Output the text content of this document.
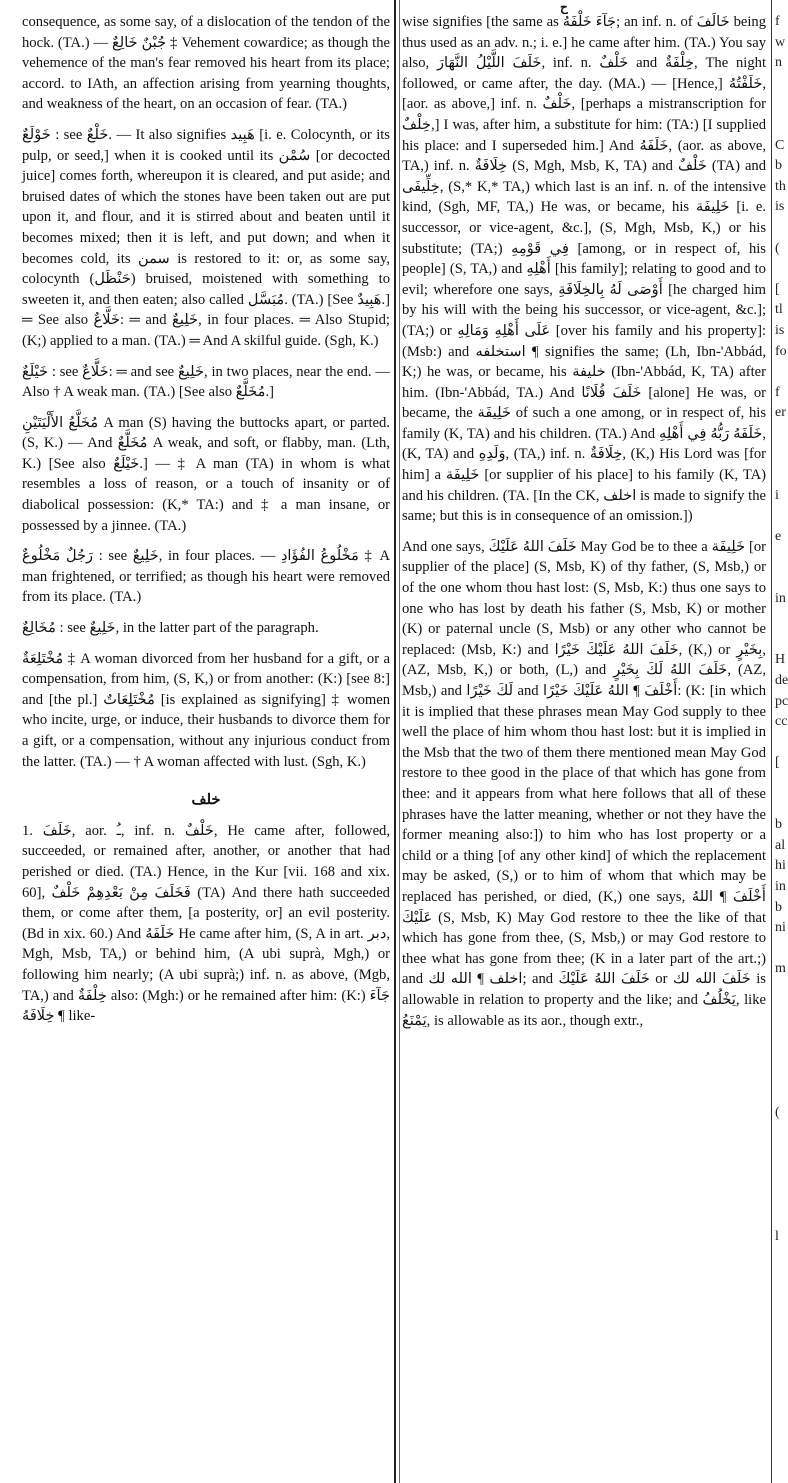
ح

consequence, as some say, of a dislocation of the tendon of the hock. (TA.) — جُبْنٌ خَالِعٌ ‡ Vehement cowardice; as though the vehemence of the man's fear removed his heart from its place; accord. to IAth, an affection arising from yearning thoughts, and weakness of the heart, on an occasion of fear. (TA.)

خَوْلَعٌ : see خَلْعٌ. — It also signifies هَبِيد [i. e. Colocynth, or its pulp, or seed,] when it is cooked until its سُمْن [or decocted juice] comes forth, whereupon it is cleared, and put aside; and bruised dates of which the stones have been taken out are put upon it, and flour, and it is stirred about and beaten until it becomes mixed; then it is left, and put down; and when it becomes cold, its سمن is restored to it: or, as some say, colocynth (حَنْظَل) bruised, moistened with something to sweeten it, and then eaten; also called مُبَسَّل. (TA.) [See هَبِيدٌ.] ═ See also خَلَّاعٌ: ═ and خَلِيعٌ, in four places. ═ Also Stupid; (K;) applied to a man. (TA.) ═ And A skilful guide. (Sgh, K.)

خَيْلَعٌ : see خَلَّاعٌ: ═ and see خَلِيعٌ, in two places, near the end. — Also † A weak man. (TA.) [See also مُخَلَّعٌ.]

مُخَلَّعُ الأَلْيَتَيْنِ A man (S) having the buttocks apart, or parted. (S, K.) — And مُخَلَّعٌ A weak, and soft, or flabby, man. (Lth, K.) [See also خَيْلَعٌ.] — ‡ A man (TA) in whom is what resembles a loss of reason, or a touch of insanity or of diabolical possession: (K,* TA:) and ‡ a man insane, or possessed by a jinnee. (TA.)

رَجُلٌ مَخْلُوعٌ : see خَلِيعٌ, in four places. — مَخْلُوعُ الفُؤَادِ ‡ A man frightened, or terrified; as though his heart were removed from its place. (TA.)

مُخَالِعٌ : see خَلِيعٌ, in the latter part of the paragraph.

مُخْتَلِعَةٌ ‡ A woman divorced from her husband for a gift, or a compensation, from him, (S, K,) or from another: (K:) [see 8:] and [the pl.] مُخْتَلِعَاتٌ [is explained as signifying] ‡ women who incite, urge, or induce, their husbands to divorce them for a gift, or a compensation, without any injurious conduct from the latter. (TA.) — † A woman affected with lust. (Sgh, K.)

خلف

1. خَلَفَ, aor. ـُ, inf. n. خَلْفٌ, He came after, followed, succeeded, or remained after, another, or another that had perished or died. (TA.) Hence, in the Kur [vii. 168 and xix. 60], فَخَلَفَ مِنْ بَعْدِهِمْ خَلْفٌ (TA) And there hath succeeded them, or come after them, [a posterity, or] an evil posterity. (Bd in xix. 60.) And خَلَفَهُ He came after him, (S, A in art. دبر, Mgh, Msb, TA,) or behind him, (A ubi suprà, Mgh,) or following him nearly; (A ubi suprà;) inf. n. as above, (Mgb, TA,) and خِلْفَةٌ also: (Mgh:) or he remained after him: (K:) جَآءَ خِلَافَهُ ¶ like-

wise signifies [the same as جَآءَ خَلْفَهُ; an inf. n. of خَالَفَ being thus used as an adv. n.; i. e.] he came after him. (TA.) You say also, خَلَفَ اللَّيْلُ النَّهَارَ, inf. n. خَلْفٌ and خِلْفَةٌ, The night followed, or came after, the day. (MA.) — [Hence,] خَلَفْتُهُ, [aor. as above,] inf. n. خَلْفٌ, [perhaps a mistranscription for خِلْفٌ,] I was, after him, a substitute for him: (TA:) [I supplied his place: and I superseded him.] And خَلَفَهُ, (aor. as above, TA,) inf. n. خِلَافَةٌ (S, Mgh, Msb, K, TA) and خَلْفٌ (TA) and خِلِّيفَى, (S,* K,* TA,) which last is an inf. n. of the intensive kind, (Sgh, MF, TA,) He was, or became, his خَلِيفَة [i. e. successor, or vice-agent, &c.], (S, Mgh, Msb, K,) or his substitute; (TA;) فِي قَوْمِهِ [among, or in respect of, his people] (S, TA,) and أَهْلِهِ [his family]; relating to good and to evil; wherefore one says, أَوْصَى لَهُ بِالخِلَافَةِ [he charged him by his will with the being his successor, or vice-agent, &c.]; (TA;) or عَلَى أَهْلِهِ وَمَالِهِ [over his family and his property]: (Msb:) and استخلفه ¶ signifies the same; (Lh, Ibn-'Abbád, K;) he was, or became, his خليفة (Ibn-'Abbád, K, TA) after him. (Ibn-'Abbád, TA.) And خَلَفَ فُلَانًا [alone] He was, or became, the خَلِيفَة of such a one among, or in respect of, his family (K, TA) and his children. (TA.) And خَلَفَهُ رَبُّهُ فِي أَهْلِهِ, (K, TA) and وَلَدِهِ, (TA,) inf. n. خِلَافَةٌ, (K,) His Lord was [for him] a خَلِيفَة [or supplier of his place] to his family (K, TA) and his children. (TA. [In the CK, اخلف is made to signify the same; but this is in consequence of an omission.])

And one says, خَلَفَ اللهُ عَلَيْكَ May God be to thee a خَلِيفَة [or supplier of the place] (S, Msb, K) of thy father, (S, Msb,) or of the one whom thou hast lost: (S, Msb, K:) thus one says to one who has lost by death his father (S, Msb, K) or mother (K) or paternal uncle (S, Msb) or any other who cannot be replaced: (Msb, K:) and خَلَفَ اللهُ عَلَيْكَ خَيْرًا, (K,) or بِخَيْرٍ, (AZ, Msb, K,) or both, (L,) and خَلَفَ اللهُ لَكَ بِخَيْرٍ, (AZ, Msb,) and لَكَ خَيْرًا and أَخْلَفَ ¶ اللهُ عَلَيْكَ خَيْرًا: (K: [in which it is implied that these phrases mean May God supply to thee well the place of him whom thou hast lost: but it is implied in the Msb that the two of them there mentioned mean May God restore to thee good in the place of that which has gone from thee: and it appears from what here follows that all of these phrases have the latter meaning, whether or not they have the former meaning also:]) to him who has lost property or a child or a thing [of any other kind] of which the replacement may be asked, (S,) or to him of whom that which may be replaced has perished, or died, (K,) one says, أَخْلَفَ ¶ اللهُ عَلَيْكَ (S, Msb, K) May God restore to thee the like of that which has gone from thee, (S, Msb,) or may God restore to thee what has gone from thee; (K in a later part of the art.;) and اخلف ¶ الله لك; and خَلَفَ اللهُ عَلَيْكَ or خَلَفَ الله لك is allowable in relation to property and the like; and يَخْلُفُ, like يَمْنَعُ, is allowable as its aor., though extr.,

f
w
n
C
b
th
is
(
[
tl
is
fo
f
er
i
e
in
H
de
pc
cc
[
b
al
hi
in
b
ni
m
(
l
